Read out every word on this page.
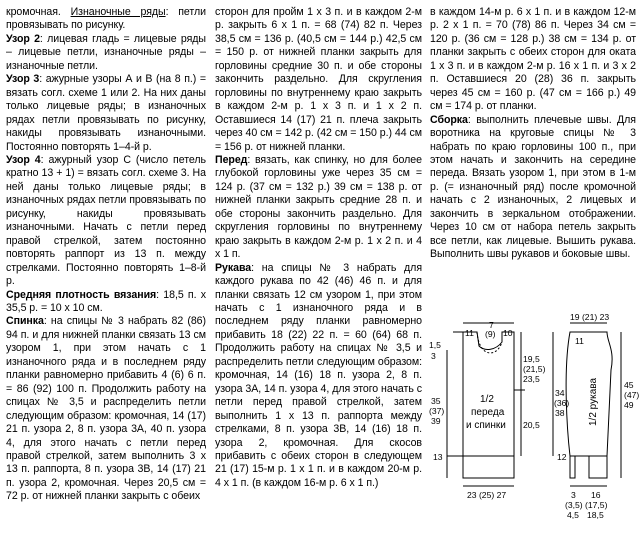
кромочная. Изнаночные ряды: петли провязывать по рисунку.

Узор 2: лицевая гладь = лицевые ряды – лицевые петли, изнаночные ряды – изнаночные петли.

Узор 3: ажурные узоры А и В (на 8 п.) = вязать согл. схеме 1 или 2. На них даны только лицевые ряды; в изнаночных рядах петли провязывать по рисунку, накиды провязывать изнаночными. Постоянно повторять 1–4-й р.

Узор 4: ажурный узор С (число петель кратно 13 + 1) = вязать согл. схеме 3. На ней даны только лицевые ряды; в изнаночных рядах петли провязывать по рисунку, накиды провязывать изнаночными. Начать с петли перед правой стрелкой, затем постоянно повторять раппорт из 13 п. между стрелками. Постоянно повторять 1–8-й р.

Средняя плотность вязания: 18,5 п. х 35,5 р. = 10 х 10 см.

Спинка: на спицы № 3 набрать 82 (86) 94 п. и для нижней планки связать 13 см узором 1, при этом начать с 1 изнаночного ряда и в последнем ряду планки равномерно прибавить 4 (6) 6 п. = 86 (92) 100 п. Продолжить работу на спицах № 3,5 и распределить петли следующим образом: кромочная, 14 (17) 21 п. узора 2, 8 п. узора 3А, 40 п. узора 4, для этого начать с петли перед правой стрелкой, затем выполнить 3 х 13 п. раппорта, 8 п. узора 3В, 14 (17) 21 п. узора 2, кромочная. Через 20,5 см = 72 р. от нижней планки закрыть с обеих

сторон для пройм 1 х 3 п. и в каждом 2-м р. закрыть 6 х 1 п. = 68 (74) 82 п. Через 38,5 см = 136 р. (40,5 см = 144 р.) 42,5 см = 150 р. от нижней планки закрыть для горловины средние 30 п. и обе стороны закончить раздельно. Для скругления горловины по внутреннему краю закрыть в каждом 2-м р. 1 х 3 п. и 1 х 2 п. Оставшиеся 14 (17) 21 п. плеча закрыть через 40 см = 142 р. (42 см = 150 р.) 44 см = 156 р. от нижней планки.

Перед: вязать, как спинку, но для более глубокой горловины уже через 35 см = 124 р. (37 см = 132 р.) 39 см = 138 р. от нижней планки закрыть средние 28 п. и обе стороны закончить раздельно. Для скругления горловины по внутреннему краю закрыть в каждом 2-м р. 1 х 2 п. и 4 х 1 п.

Рукава: на спицы № 3 набрать для каждого рукава по 42 (46) 46 п. и для планки связать 12 см узором 1, при этом начать с 1 изнаночного ряда и в последнем ряду планки равномерно прибавить 18 (22) 22 п. = 60 (64) 68 п. Продолжить работу на спицах № 3,5 и распределить петли следующим образом: кромочная, 14 (16) 18 п. узора 2, 8 п. узора 3А, 14 п. узора 4, для этого начать с петли перед правой стрелкой, затем выполнить 1 х 13 п. раппорта между стрелками, 8 п. узора 3В, 14 (16) 18 п. узора 2, кромочная. Для скосов прибавить с обеих сторон в следующем 21 (17) 15-м р. 1 х 1 п. и в каждом 20-м р. 4 х 1 п. (в каждом 16-м р. 6 х 1 п.)

в каждом 14-м р. 6 х 1 п. и в каждом 12-м р. 2 х 1 п. = 70 (78) 86 п. Через 34 см = 120 р. (36 см = 128 р.) 38 см = 134 р. от планки закрыть с обеих сторон для оката 1 х 3 п. и в каждом 2-м р. 16 х 1 п. и 3 х 2 п. Оставшиеся 20 (28) 36 п. закрыть через 45 см = 160 р. (47 см = 166 р.) 49 см = 174 р. от планки.

Сборка: выполнить плечевые швы. Для воротника на круговые спицы № 3 набрать по краю горловины 100 п., при этом начать и закончить на середине переда. Вязать узором 1, при этом в 1-м р. (= изнаночный ряд) после кромочной начать с 2 изнаночных, 2 лицевых и закончить в зеркальном отображении. Через 10 см от набора петель закрыть все петли, как лицевые. Вышить рукава. Выполнить швы рукавов и боковые швы.

11
7
(9) 10
1,5
3	19,5
(21,5)
23,5
35
(37)
39	20,5
1/2
переда
и спинки
13
23 (25) 27
19 (21) 23
11
34
(36)
38
45
(47)
49
1/2 рукава
12
3
(3,5)
4,5
16
(17,5)
18,5
